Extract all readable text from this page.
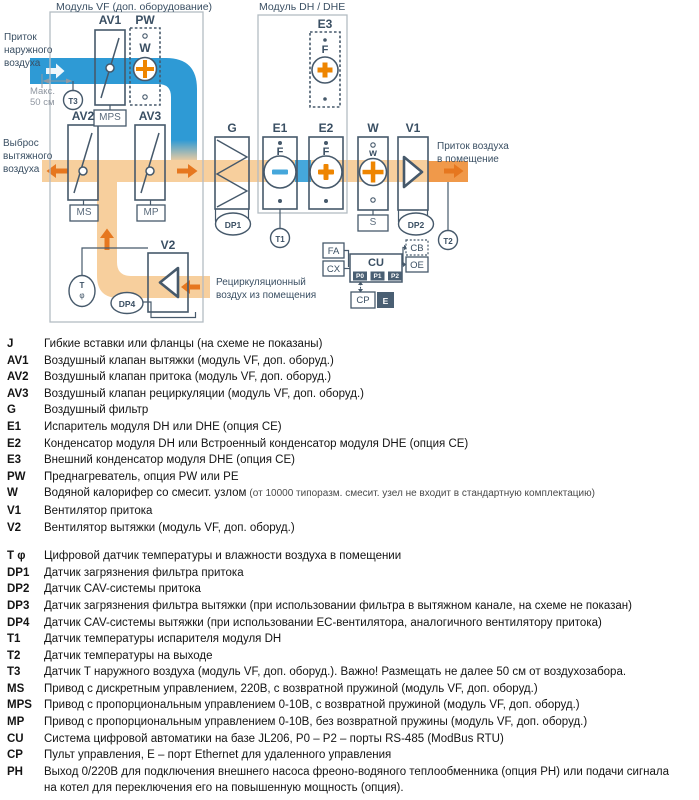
Модуль VF (доп. оборудование)	Модуль DH / DHE
Приток
наружного
воздуха
Макс.
50 см
Выброс
вытяжного
воздуха
Рециркуляционный
воздух из помещения
Приток воздуха
в помещение
AV1	PW	E3
AV2	AV3
G	E1	E2	W	V1
V2
W	F
F	F	w
MPS
MS	MP
S
T3
T1	T2
DP1	DP2
DP4
T
φ
FA
CX
CU
CB
OE
CP	E
P0	P1	P2
J	Гибкие вставки или фланцы (на схеме не показаны)
AV1	Воздушный клапан вытяжки (модуль VF, доп. оборуд.)
AV2	Воздушный клапан притока (модуль VF, доп. оборуд.)
AV3	Воздушный клапан рециркуляции (модуль VF, доп. оборуд.)
G	Воздушный фильтр
E1	Испаритель модуля DH или DHE (опция CE)
E2	Конденсатор модуля DH или Встроенный конденсатор модуля DHE (опция CE)
E3	Внешний конденсатор модуля DHE (опция CE)
PW	Преднагреватель, опция PW или PE
W	Водяной калорифер со смесит. узлом (от 10000 типоразм. смесит. узел не входит в стандартную комплектацию)
V1	Вентилятор притока
V2	Вентилятор вытяжки (модуль VF, доп. оборуд.)
T φ	Цифровой датчик температуры и влажности воздуха в помещении
DP1	Датчик загрязнения фильтра притока
DP2	Датчик CAV-системы притока
DP3	Датчик загрязнения фильтра вытяжки (при использовании фильтра в вытяжном канале, на схеме не показан)
DP4	Датчик CAV-системы вытяжки (при использовании ЕС-вентилятора, аналогичного вентилятору притока)
T1	Датчик температуры испарителя модуля DH
T2	Датчик температуры на выходе
T3	Датчик Т наружного воздуха (модуль VF, доп. оборуд.). Важно! Размещать не далее 50 см от воздухозабора.
MS	Привод с дискретным управлением, 220В, с возвратной пружиной (модуль VF, доп. оборуд.)
MPS	Привод с пропорциональным управлением 0-10В, с возвратной пружиной (модуль VF, доп. оборуд.)
MP	Привод с пропорциональным управлением 0-10В, без возвратной пружины (модуль VF, доп. оборуд.)
CU	Система цифровой автоматики на базе JL206, P0 – P2 – порты RS-485 (ModBus RTU)
CP	Пульт управления, Е – порт Ethernet для удаленного управления
PH	Выход 0/220В для подключения внешнего насоса фреоно-водяного теплообменника (опция PH) или подачи сигнала на котел для переключения его на повышенную мощность (опция).
